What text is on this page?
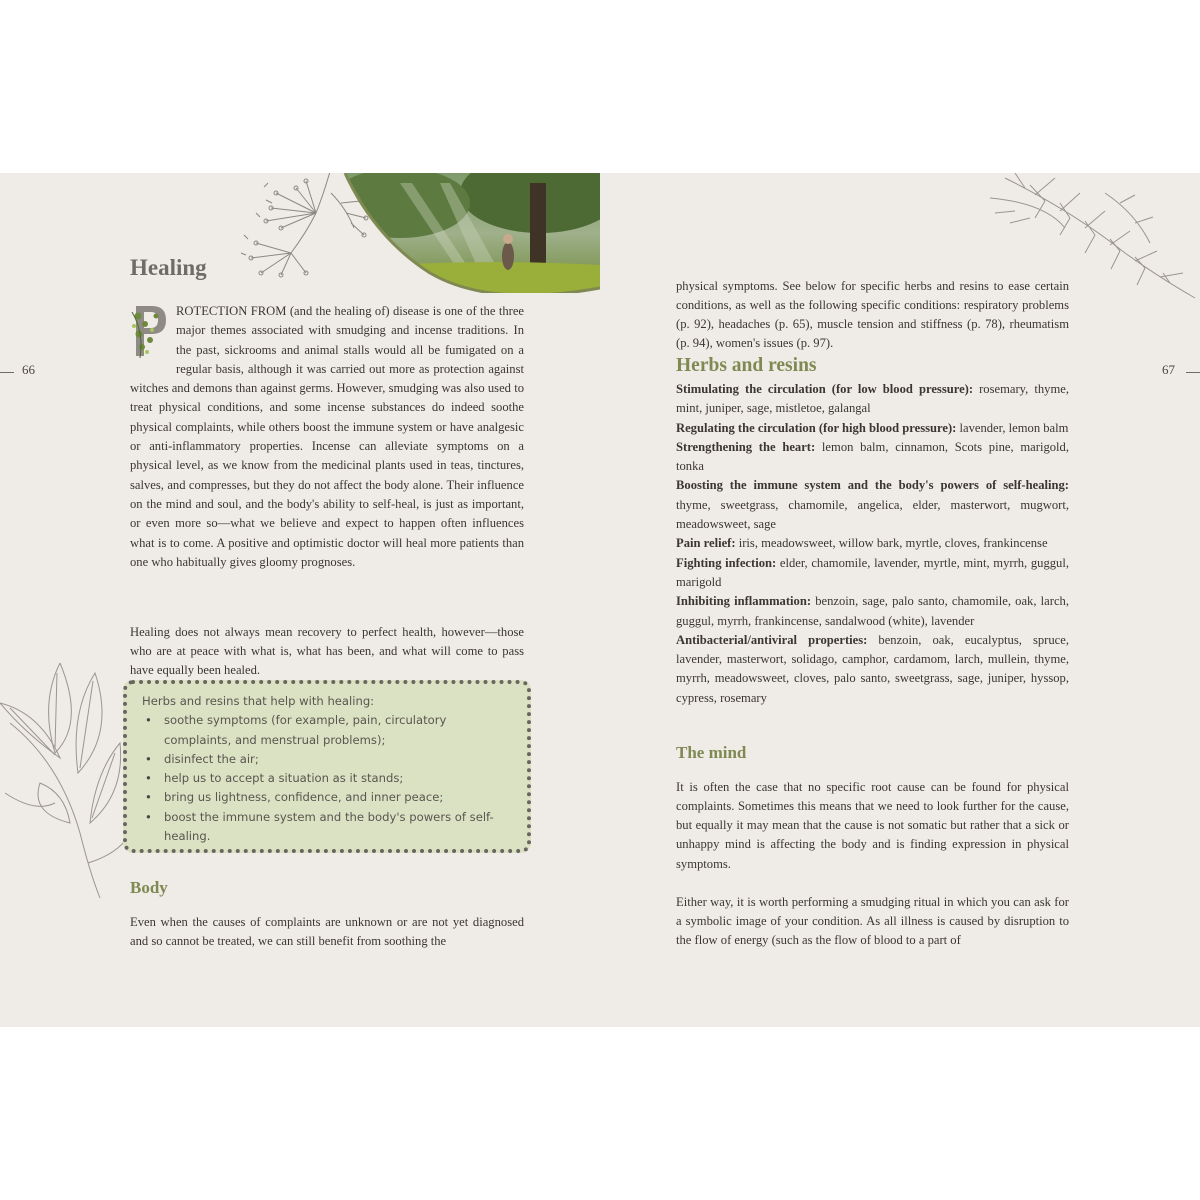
66	67
Healing

ROTECTION FROM (and the healing of) disease is one of the three major themes associated with smudging and incense traditions. In the past, sickrooms and animal stalls would all be fumigated on a regular basis, although it was carried out more as protection against witches and demons than against germs. However, smudging was also used to treat physical conditions, and some incense substances do indeed soothe physical complaints, while others boost the immune system or have analgesic or anti-inflammatory properties. Incense can alleviate symptoms on a physical level, as we know from the medicinal plants used in teas, tinctures, salves, and compresses, but they do not affect the body alone. Their influence on the mind and soul, and the body's ability to self-heal, is just as important, or even more so—what we believe and expect to happen often influences what is to come. A positive and optimistic doctor will heal more patients than one who habitually gives gloomy prognoses.

Healing does not always mean recovery to perfect health, however—those who are at peace with what is, what has been, and what will come to pass have equally been healed.

Herbs and resins that help with healing:
• soothe symptoms (for example, pain, circulatory complaints, and menstrual problems);
• disinfect the air;
• help us to accept a situation as it stands;
• bring us lightness, confidence, and inner peace;
• boost the immune system and the body's powers of self-healing.
Body

Even when the causes of complaints are unknown or are not yet diagnosed and so cannot be treated, we can still benefit from soothing the

physical symptoms. See below for specific herbs and resins to ease certain conditions, as well as the following specific conditions: respiratory problems (p. 92), headaches (p. 65), muscle tension and stiffness (p. 78), rheumatism (p. 94), women's issues (p. 97).

Herbs and resins

Stimulating the circulation (for low blood pressure): rosemary, thyme, mint, juniper, sage, mistletoe, galangal

Regulating the circulation (for high blood pressure): lavender, lemon balm

Strengthening the heart: lemon balm, cinnamon, Scots pine, marigold, tonka

Boosting the immune system and the body's powers of self-healing: thyme, sweetgrass, chamomile, angelica, elder, masterwort, mugwort, meadowsweet, sage

Pain relief: iris, meadowsweet, willow bark, myrtle, cloves, frankincense

Fighting infection: elder, chamomile, lavender, myrtle, mint, myrrh, guggul, marigold

Inhibiting inflammation: benzoin, sage, palo santo, chamomile, oak, larch, guggul, myrrh, frankincense, sandalwood (white), lavender

Antibacterial/antiviral properties: benzoin, oak, eucalyptus, spruce, lavender, masterwort, solidago, camphor, cardamom, larch, mullein, thyme, myrrh, meadowsweet, cloves, palo santo, sweetgrass, sage, juniper, hyssop, cypress, rosemary

The mind

It is often the case that no specific root cause can be found for physical complaints. Sometimes this means that we need to look further for the cause, but equally it may mean that the cause is not somatic but rather that a sick or unhappy mind is affecting the body and is finding expression in physical symptoms.

Either way, it is worth performing a smudging ritual in which you can ask for a symbolic image of your condition. As all illness is caused by disruption to the flow of energy (such as the flow of blood to a part of
